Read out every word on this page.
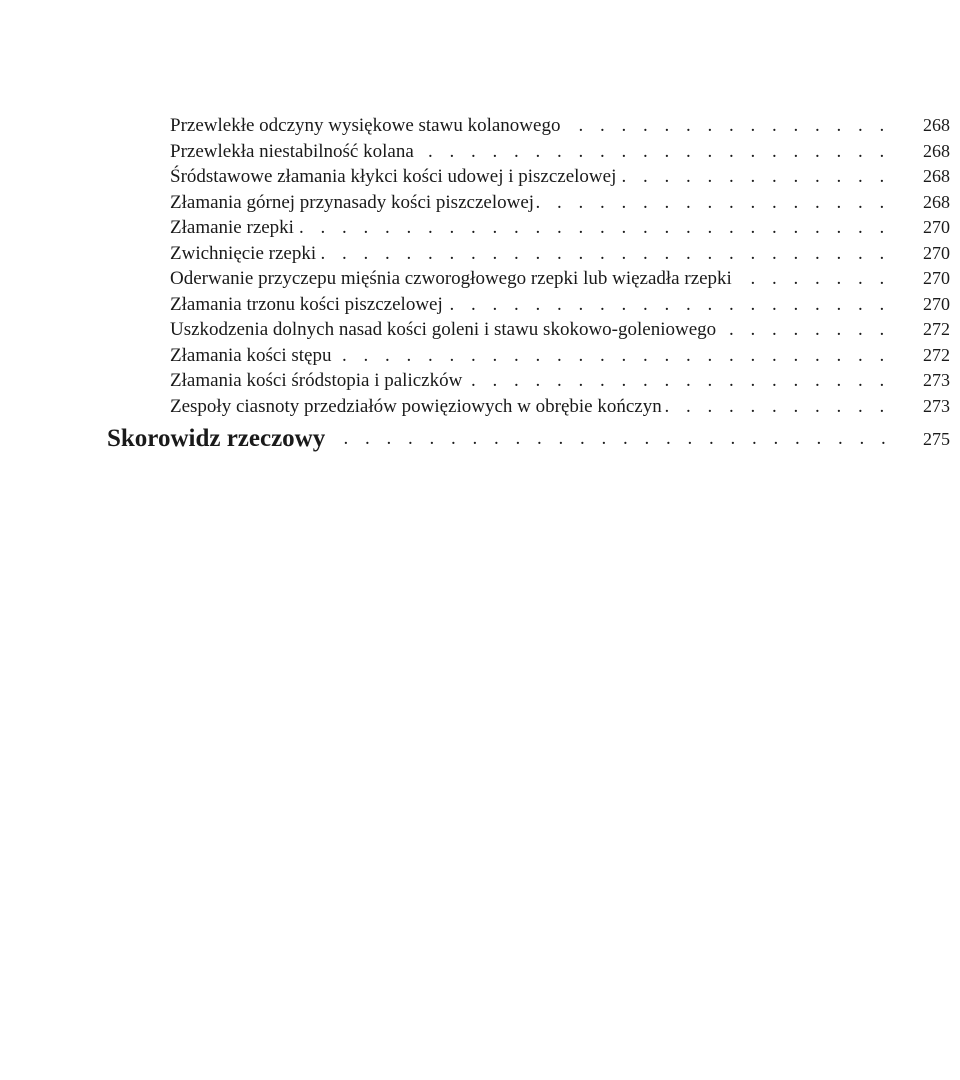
Przewlekłe odczyny wysiękowe stawu kolanowego . . .	268
Przewlekła niestabilność kolana . . .	268
Śródstawowe złamania kłykci kości udowej i piszczelowej . . .	268
Złamania górnej przynasady kości piszczelowej . . .	268
Złamanie rzepki . . .	270
Zwichnięcie rzepki . . .	270
Oderwanie przyczepu mięśnia czworogłowego rzepki lub więzadła rzepki . . .	270
Złamania trzonu kości piszczelowej . . .	270
Uszkodzenia dolnych nasad kości goleni i stawu skokowo-goleniowego . . .	272
Złamania kości stępu . . .	272
Złamania kości śródstopia i paliczków . . .	273
Zespoły ciasnoty przedziałów powięziowych w obrębie kończyn . . .	273
Skorowidz rzeczowy . . .	275
